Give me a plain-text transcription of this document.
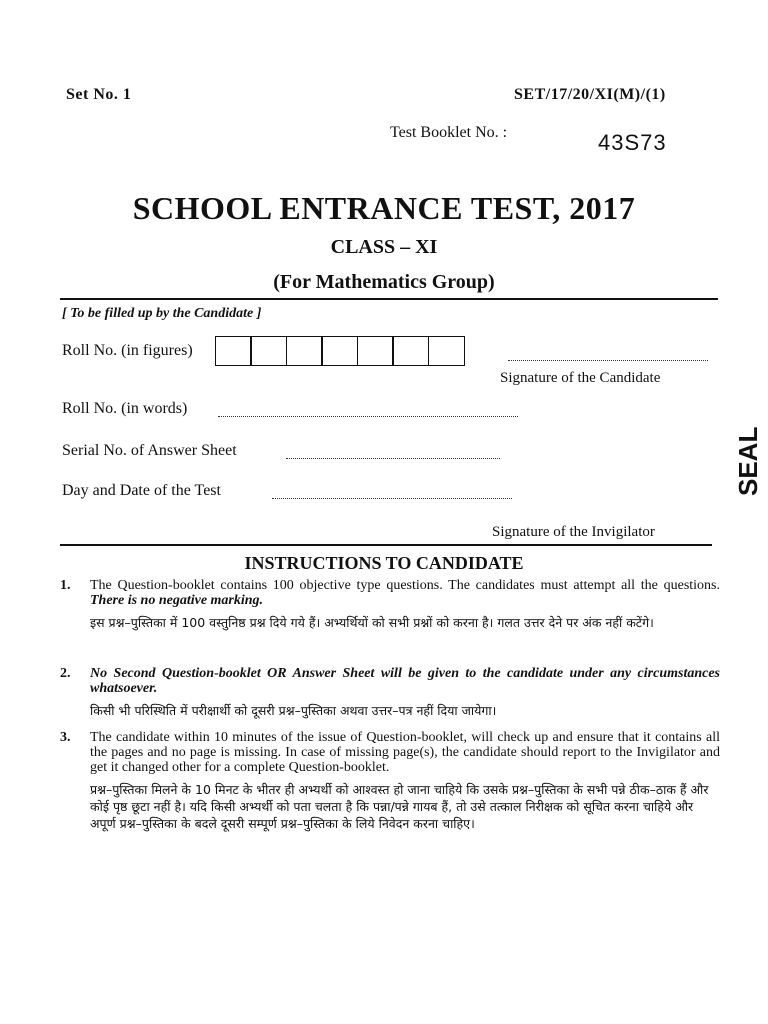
Set No. 1	SET/17/20/XI(M)/(1)
Test Booklet No. :	43S73
SCHOOL ENTRANCE TEST, 2017
CLASS – XI
(For Mathematics Group)
[ To be filled up by the Candidate ]
Roll No. (in figures)
Signature of the Candidate
Roll No. (in words)
Serial No. of Answer Sheet
Day and Date of the Test
Signature of the Invigilator
SEAL
INSTRUCTIONS TO CANDIDATE
1. The Question-booklet contains 100 objective type questions. The candidates must attempt all the questions. There is no negative marking.
इस प्रश्न–पुस्तिका में 100 वस्तुनिष्ठ प्रश्न दिये गये हैं। अभ्यर्थियों को सभी प्रश्नों को करना है। गलत उत्तर देने पर अंक नहीं कटेंगे।
2. No Second Question-booklet OR Answer Sheet will be given to the candidate under any circumstances whatsoever.
किसी भी परिस्थिति में परीक्षार्थी को दूसरी प्रश्न–पुस्तिका अथवा उत्तर–पत्र नहीं दिया जायेगा।
3. The candidate within 10 minutes of the issue of Question-booklet, will check up and ensure that it contains all the pages and no page is missing. In case of missing page(s), the candidate should report to the Invigilator and get it changed other for a complete Question-booklet.
प्रश्न–पुस्तिका मिलने के 10 मिनट के भीतर ही अभ्यर्थी को आश्वस्त हो जाना चाहिये कि उसके प्रश्न–पुस्तिका के सभी पन्ने ठीक–ठाक हैं और कोई पृष्ठ छूटा नहीं है। यदि किसी अभ्यर्थी को पता चलता है कि पन्ना/पन्ने गायब हैं, तो उसे तत्काल निरीक्षक को सूचित करना चाहिये और अपूर्ण प्रश्न–पुस्तिका के बदले दूसरी सम्पूर्ण प्रश्न–पुस्तिका के लिये निवेदन करना चाहिए।
